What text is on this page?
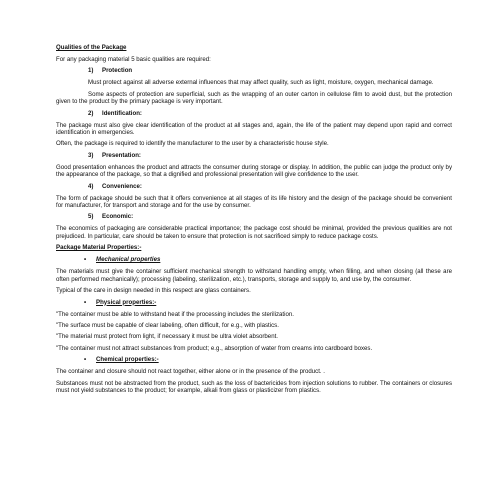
Qualities of the Package

For any packaging material 5 basic qualities are required:

1) Protection

Must protect against all adverse external influences that may affect quality, such as light, moisture, oxygen, mechanical damage.

Some aspects of protection are superficial, such as the wrapping of an outer carton in cellulose film to avoid dust, but the protection given to the product by the primary package is very important.

2) Identification:

The package must also give clear identification of the product at all stages and, again, the life of the patient may depend upon rapid and correct identification in emergencies.

Often, the package is required to identify the manufacturer to the user by a characteristic house style.

3) Presentation:

Good presentation enhances the product and attracts the consumer during storage or display. In addition, the public can judge the product only by the appearance of the package, so that a dignified and professional presentation will give confidence to the user.

4) Convenience:

The form of package should be such that it offers convenience at all stages of its life history and the design of the package should be convenient for manufacturer, for transport and storage and for the use by consumer.

5) Economic:

The economics of packaging are considerable practical importance; the package cost should be minimal, provided the previous qualities are not prejudiced. In particular, care should be taken to ensure that protection is not sacrificed simply to reduce package costs.

Package Material Properties:-

• Mechanical properties

The materials must give the container sufficient mechanical strength to withstand handling empty, when filling, and when closing (all these are often performed mechanically); processing (labeling, sterilization, etc.), transports, storage and supply to, and use by, the consumer.

Typical of the care in design needed in this respect are glass containers.

• Physical properties:-

"The container must be able to withstand heat if the processing includes the sterilization.

"The surface must be capable of clear labeling, often difficult, for e.g., with plastics.

"The material must protect from light, if necessary it must be ultra violet absorbent.

"The container must not attract substances from product; e.g., absorption of water from creams into cardboard boxes.

• Chemical properties:-

The container and closure should not react together, either alone or in the presence of the product. .

Substances must not be abstracted from the product, such as the loss of bactericides from injection solutions to rubber. The containers or closures must not yield substances to the product; for example, alkali from glass or plasticizer from plastics.
